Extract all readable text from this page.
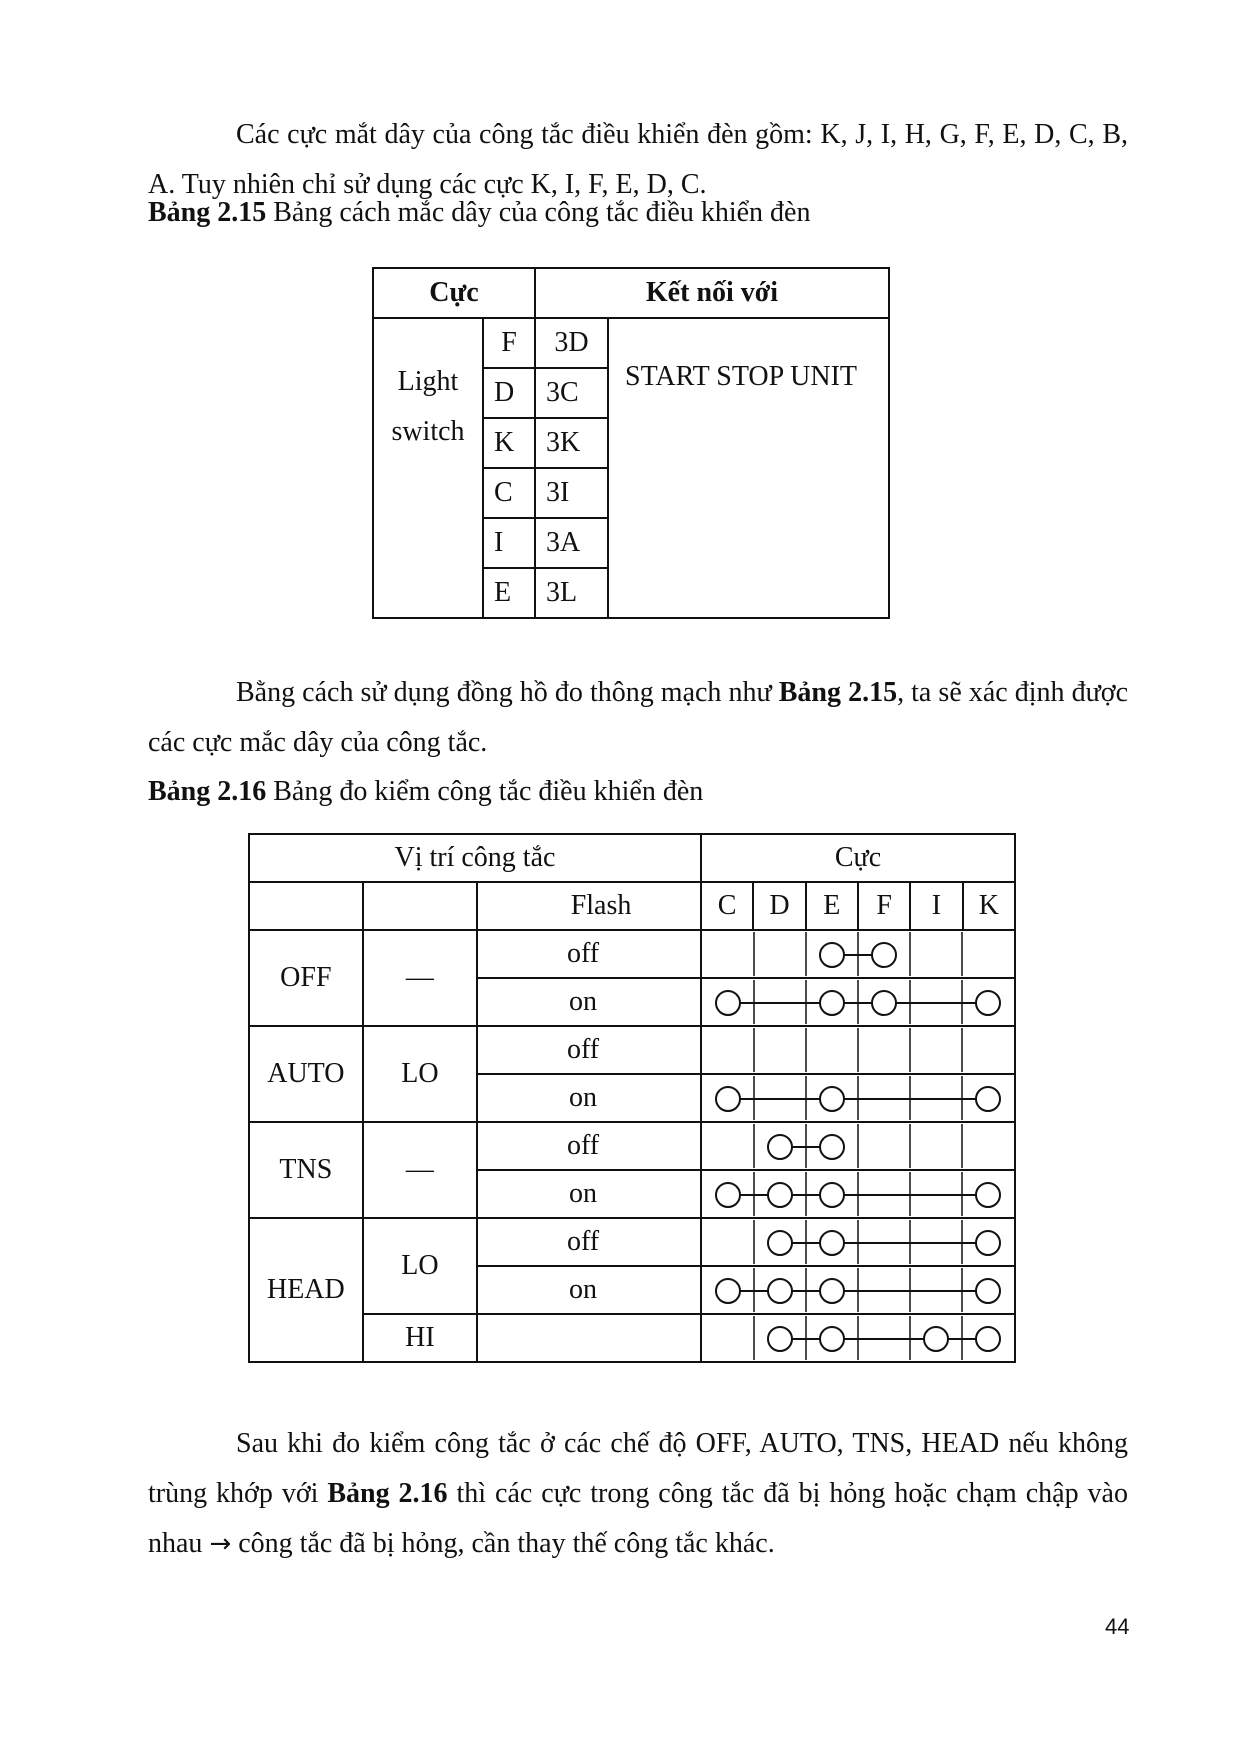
Các cực mắt dây của công tắc điều khiển đèn gồm: K, J, I, H, G, F, E, D, C, B, A. Tuy nhiên chỉ sử dụng các cực K, I, F, E, D, C.

Bảng 2.15 Bảng cách mắc dây của công tắc điều khiển đèn

Cực		Kết nối với	

Light
switch	F	3D	START STOP UNIT
	D	3C	
	K	3K	
	C	3I	
	I	3A	
	E	3L	

Bằng cách sử dụng đồng hồ đo thông mạch như Bảng 2.15, ta sẽ xác định được các cực mắc dây của công tắc.

Bảng 2.16 Bảng đo kiểm công tắc điều khiển đèn

Vị trí công tắc			Cực					
		Flash	C	D	E	F	I	K
OFF	—	off	

		on	

AUTO	LO	off	

		on	

TNS	—	off	

		on	

HEAD	LO	off	

		on	

	HI		

Sau khi đo kiểm công tắc ở các chế độ OFF, AUTO, TNS, HEAD nếu không trùng khớp với Bảng 2.16 thì các cực trong công tắc đã bị hỏng hoặc chạm chập vào nhau → công tắc đã bị hỏng, cần thay thế công tắc khác.

44
